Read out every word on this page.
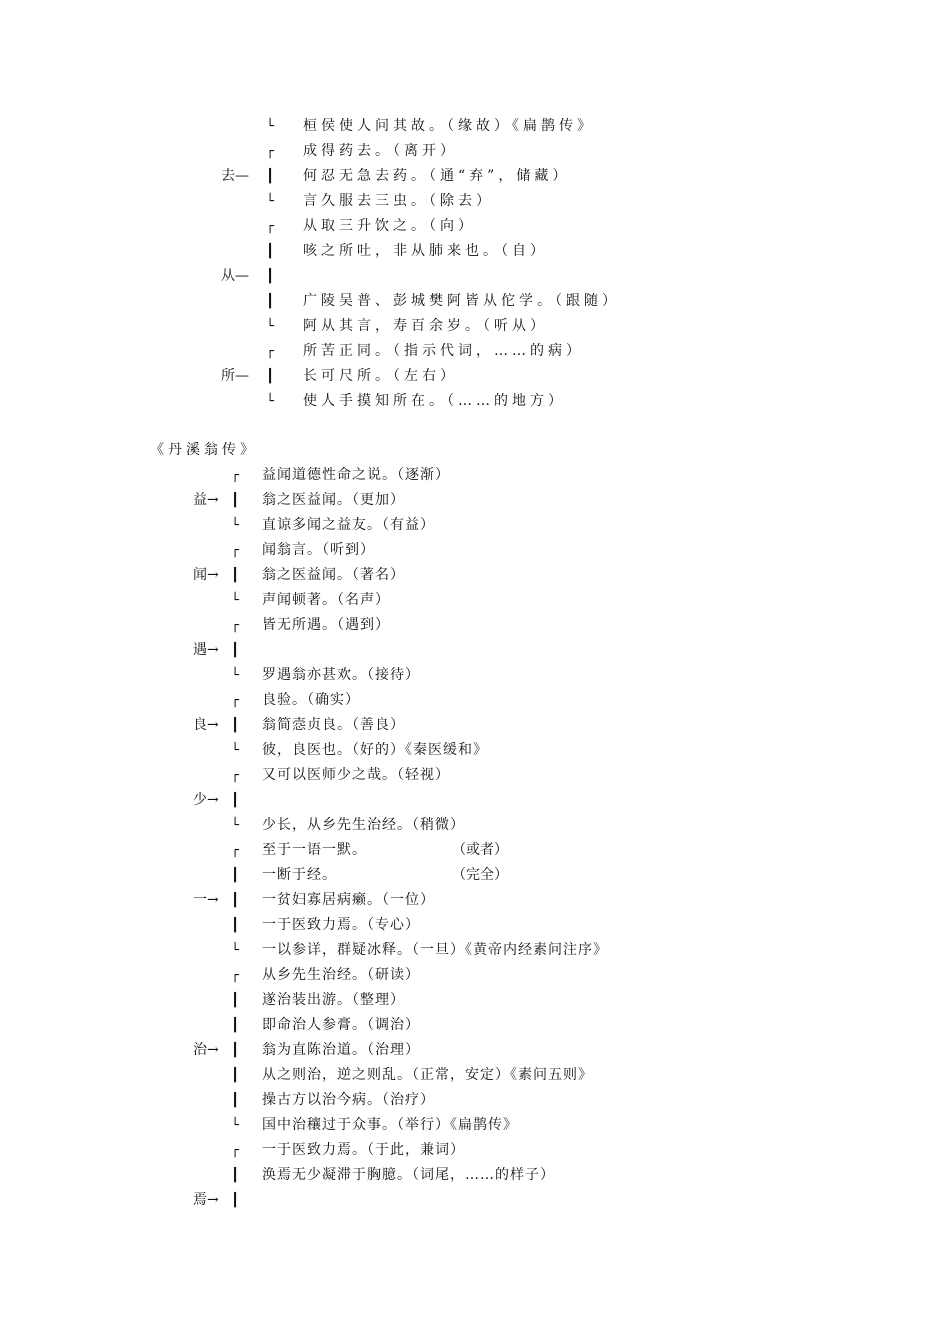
└ 桓侯使人问其故。（缘故）《扁鹊传》
┌ 成得药去。（离开）
去— ┃ 何忍无急去药。（通“弃”，储藏）
└ 言久服去三虫。（除去）
┌ 从取三升饮之。（向）
┃ 咳之所吐，非从肺来也。（自）
从— ┃
┃ 广陵吴普、彭城樊阿皆从佗学。（跟随）
└ 阿从其言，寿百余岁。（听从）
┌ 所苦正同。（指示代词，……的病）
所— ┃ 长可尺所。（左右）
└ 使人手摸知所在。（……的地方）
《丹溪翁传》
┌ 益闻道德性命之说。（逐渐）
益→ ┃ 翁之医益闻。（更加）
└ 直谅多闻之益友。（有益）
┌ 闻翁言。（听到）
闻→ ┃ 翁之医益闻。（著名）
└ 声闻顿著。（名声）
┌ 皆无所遇。（遇到）
遇→ ┃
└ 罗遇翁亦甚欢。（接待）
┌ 良验。（确实）
良→ ┃ 翁简悫贞良。（善良）
└ 彼，良医也。（好的）《秦医缓和》
┌ 又可以医师少之哉。（轻视）
少→ ┃
└ 少长，从乡先生治经。（稍微）
┌ 至于一语一默。	（或者）
┃ 一断于经。	（完全）
一→ ┃ 一贫妇寡居病癞。（一位）
┃ 一于医致力焉。（专心）
└ 一以参详，群疑冰释。（一旦）《黄帝内经素问注序》
┌ 从乡先生治经。（研读）
┃ 遂治装出游。（整理）
┃ 即命治人参膏。（调治）
治→ ┃ 翁为直陈治道。（治理）
┃ 从之则治，逆之则乱。（正常，安定）《素问五则》
┃ 操古方以治今病。（治疗）
└ 国中治穰过于众事。（举行）《扁鹊传》
┌ 一于医致力焉。（于此，兼词）
┃ 涣焉无少凝滞于胸臆。（词尾，……的样子）
焉→ ┃
